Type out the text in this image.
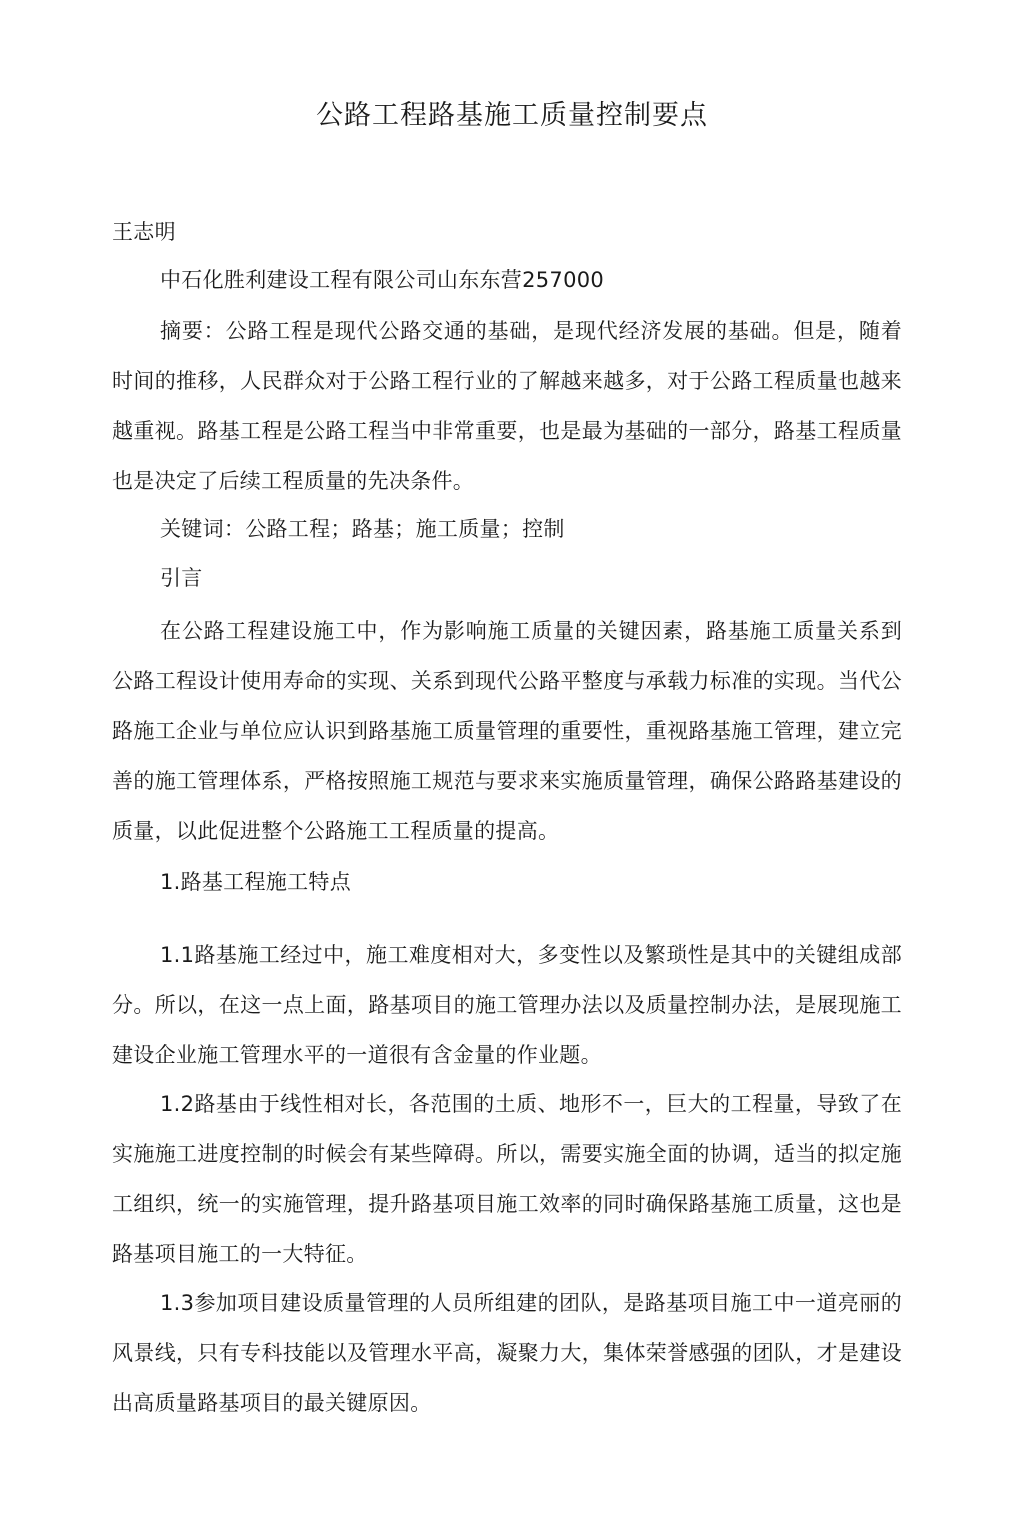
公路工程路基施工质量控制要点
王志明
中石化胜利建设工程有限公司山东东营257000

摘要：公路工程是现代公路交通的基础，是现代经济发展的基础。但是，随着时间的推移，人民群众对于公路工程行业的了解越来越多，对于公路工程质量也越来越重视。路基工程是公路工程当中非常重要，也是最为基础的一部分，路基工程质量也是决定了后续工程质量的先决条件。

关键词：公路工程；路基；施工质量；控制
引言

在公路工程建设施工中，作为影响施工质量的关键因素，路基施工质量关系到公路工程设计使用寿命的实现、关系到现代公路平整度与承载力标准的实现。当代公路施工企业与单位应认识到路基施工质量管理的重要性，重视路基施工管理，建立完善的施工管理体系，严格按照施工规范与要求来实施质量管理，确保公路路基建设的质量，以此促进整个公路施工工程质量的提高。

1.路基工程施工特点

1.1路基施工经过中，施工难度相对大，多变性以及繁琐性是其中的关键组成部分。所以，在这一点上面，路基项目的施工管理办法以及质量控制办法，是展现施工建设企业施工管理水平的一道很有含金量的作业题。

1.2路基由于线性相对长，各范围的土质、地形不一，巨大的工程量，导致了在实施施工进度控制的时候会有某些障碍。所以，需要实施全面的协调，适当的拟定施工组织，统一的实施管理，提升路基项目施工效率的同时确保路基施工质量，这也是路基项目施工的一大特征。

1.3参加项目建设质量管理的人员所组建的团队，是路基项目施工中一道亮丽的风景线，只有专科技能以及管理水平高，凝聚力大，集体荣誉感强的团队，才是建设出高质量路基项目的最关键原因。
